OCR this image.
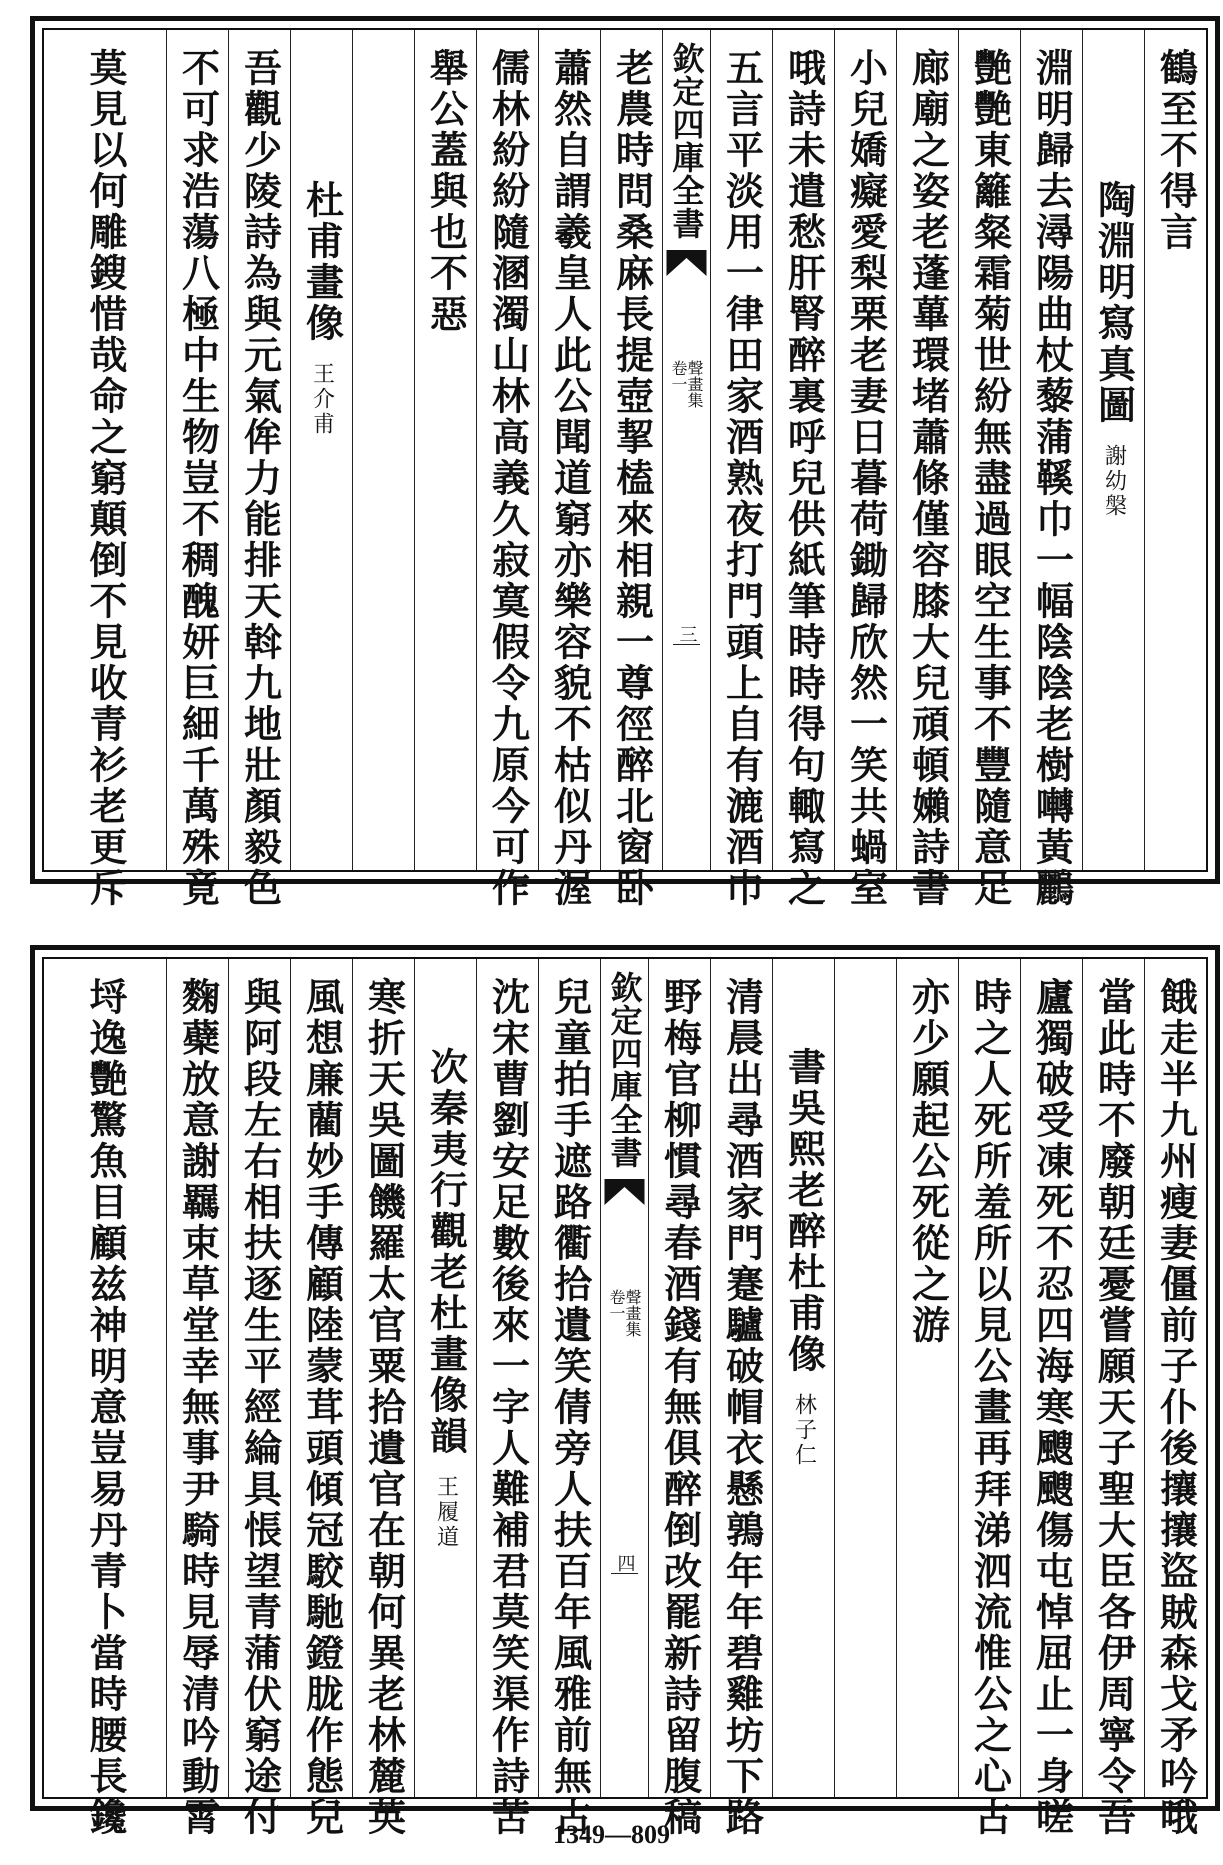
鶴至不得言
陶淵明寫真圖謝幼槃
淵明歸去潯陽曲杖藜蒲鞵巾一幅陰陰老樹囀黃鸝
艷艷東籬粲霜菊世紛無盡過眼空生事不豐隨意足
廊廟之姿老蓬蓽環堵蕭條僅容膝大兒頑頓嬾詩書
小兒嬌癡愛梨栗老妻日暮荷鋤歸欣然一笑共蝸室
哦詩未遣愁肝腎醉裏呼兒供紙筆時時得句輙寫之
五言平淡用一律田家酒熟夜打門頭上自有漉酒巾
欽定四庫全書
聲畫集
卷一
三
老農時問桑麻長提壺挈榼來相親一尊徑醉北窗卧
蕭然自謂羲皇人此公聞道窮亦樂容貌不枯似丹渥
儒林紛紛隨溷濁山林高義久寂寞假令九原今可作
舉公蓋與也不惡
杜甫畫像王介甫
吾觀少陵詩為與元氣侔力能排天斡九地壯顏毅色
不可求浩蕩八極中生物豈不稠醜妍巨細千萬殊竟
莫見以何雕鎪惜哉命之窮顛倒不見收青衫老更斥
餓走半九州瘦妻僵前子仆後攘攘盜賊森戈矛吟哦
當此時不廢朝廷憂嘗願天子聖大臣各伊周寧令吾
廬獨破受凍死不忍四海寒颼颼傷屯悼屈止一身嗟
時之人死所羞所以見公畫再拜涕泗流惟公之心古
亦少願起公死從之游
書吳熙老醉杜甫像林子仁
清晨出尋酒家門蹇驢破帽衣懸鶉年年碧雞坊下路
野梅官柳慣尋春酒錢有無俱醉倒改罷新詩留腹稿
欽定四庫全書
聲畫集
卷一
四
兒童拍手遮路衢拾遺笑倩旁人扶百年風雅前無古
沈宋曹劉安足數後來一字人難補君莫笑渠作詩苦
次秦夷行觀老杜畫像韻王履道
寒折天吳圖饑羅太官粟拾遺官在朝何異老林麓英
風想廉藺妙手傳顧陸蒙茸頭傾冠駮馳鐙胧作態兒
與阿段左右相扶逐生平經綸具悵望青蒲伏窮途付
麴蘗放意謝羈束草堂幸無事尹騎時見辱清吟動霄
埒逸艷驚魚目顧兹神明意豈易丹青卜當時腰長鑱	1349—809
